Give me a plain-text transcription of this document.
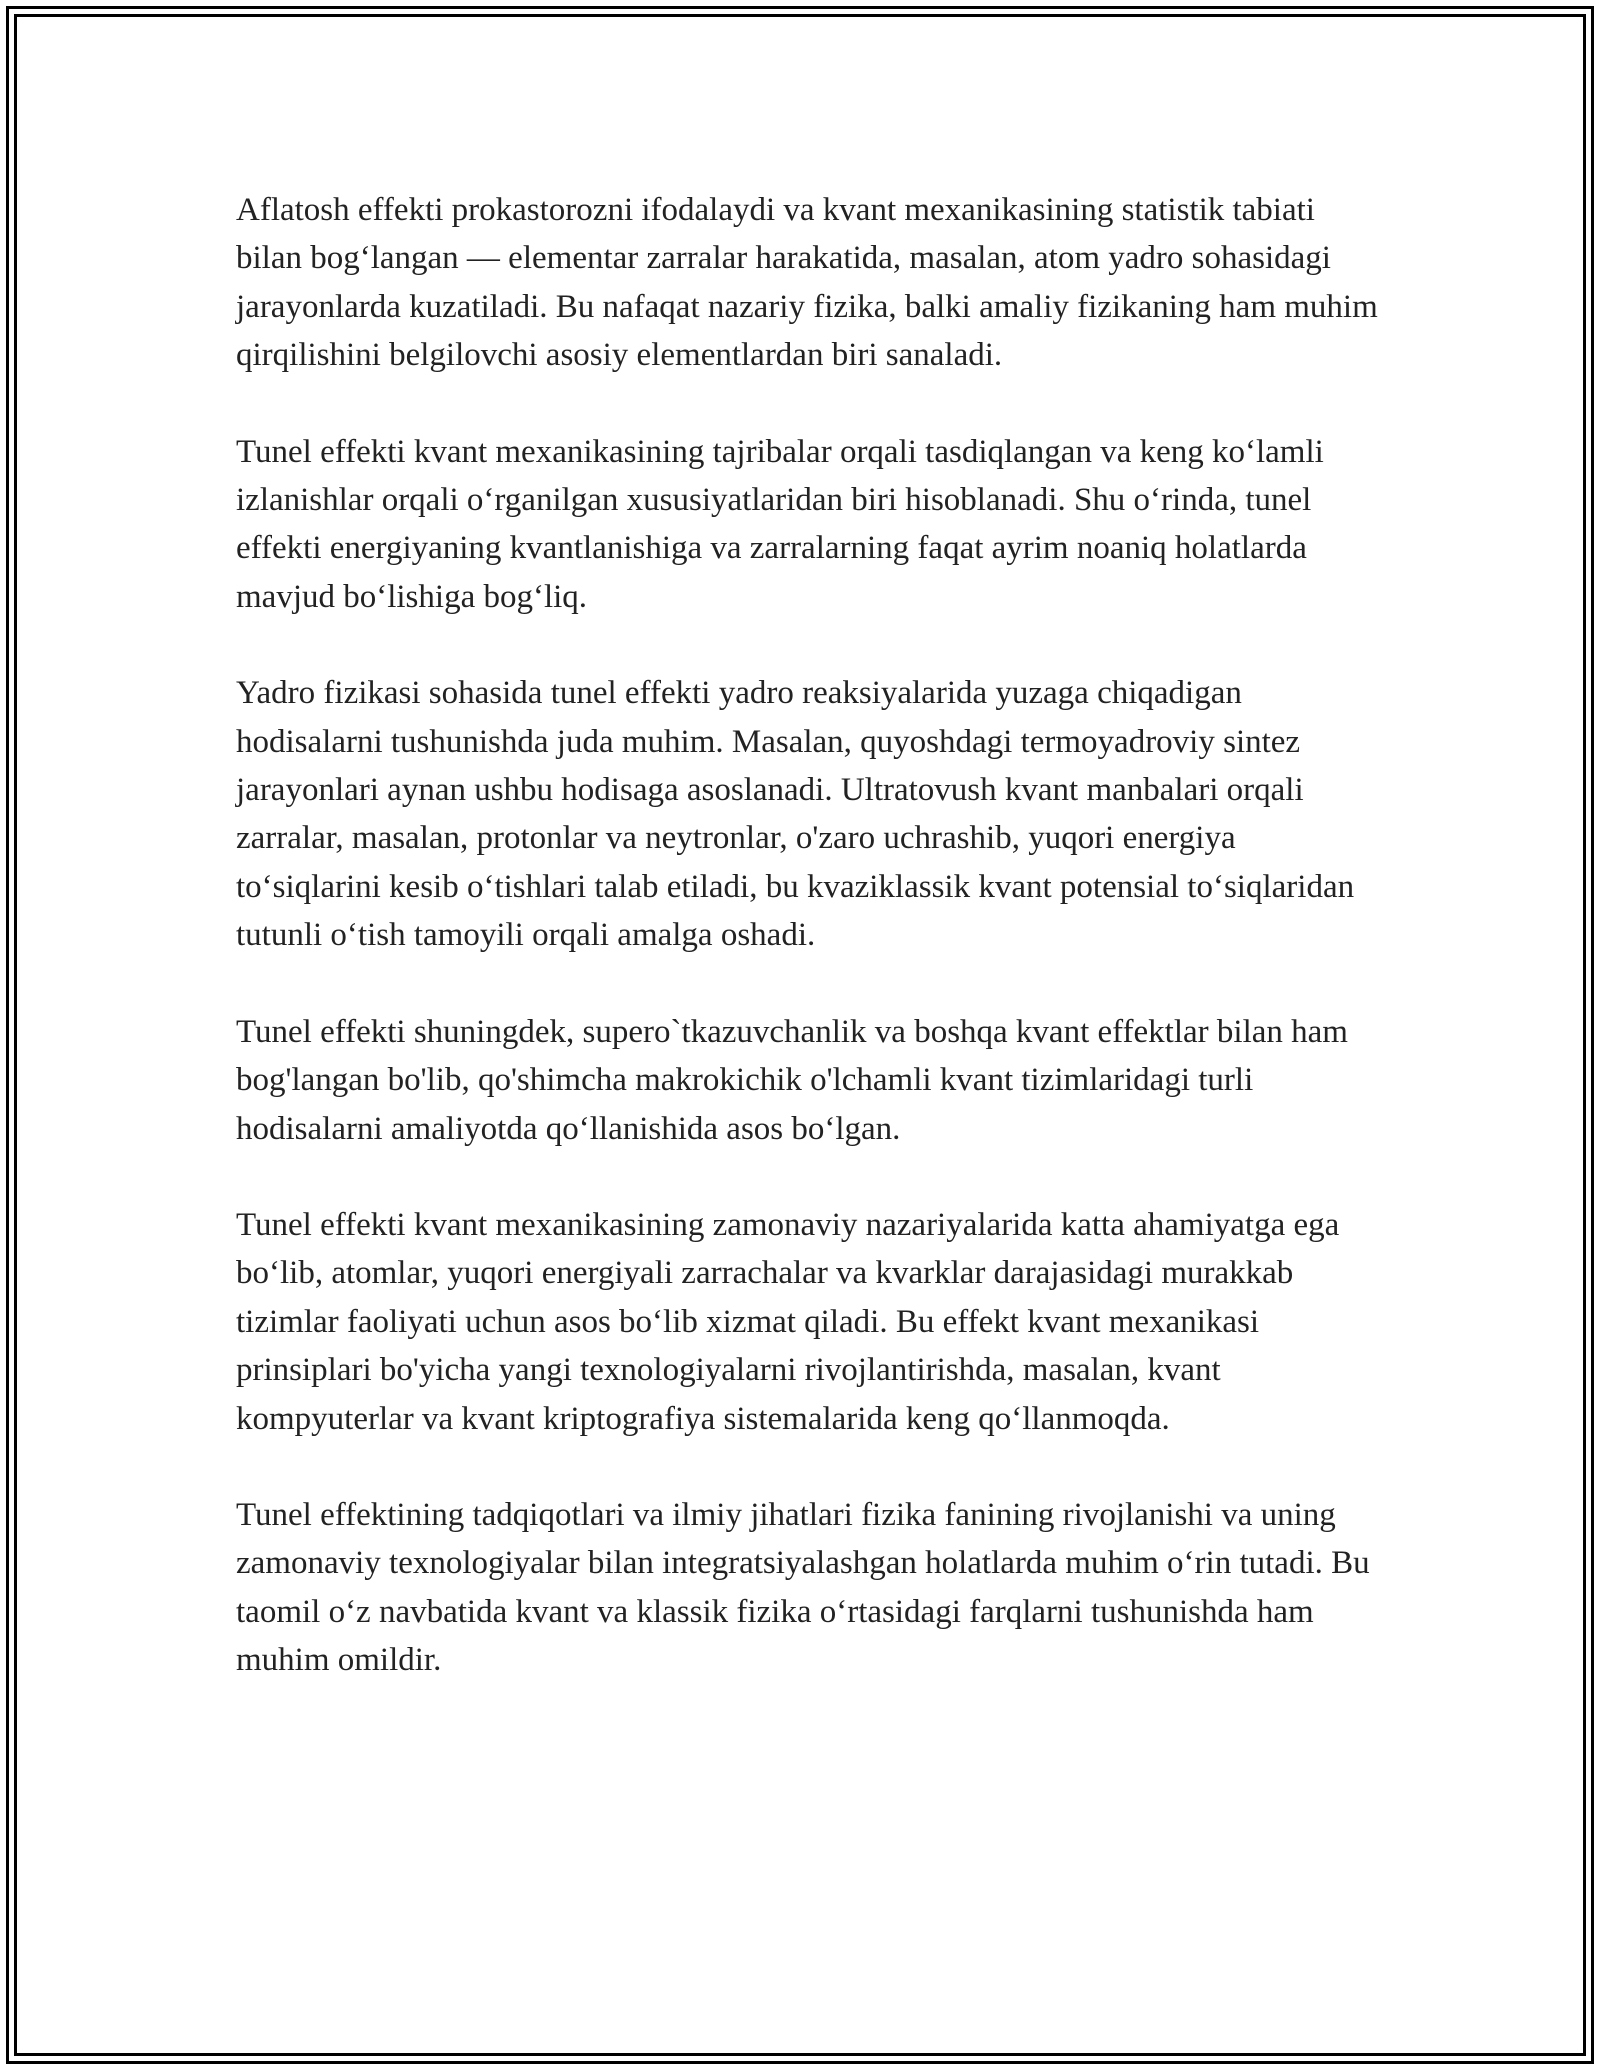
Aflatosh effekti prokastorozni ifodalaydi va kvant mexanikasining statistik tabiati bilan bog‘langan — elementar zarralar harakatida, masalan, atom yadro sohasidagi jarayonlarda kuzatiladi. Bu nafaqat nazariy fizika, balki amaliy fizikaning ham muhim qirqilishini belgilovchi asosiy elementlardan biri sanaladi.

Tunel effekti kvant mexanikasining tajribalar orqali tasdiqlangan va keng ko‘lamli izlanishlar orqali o‘rganilgan xususiyatlaridan biri hisoblanadi. Shu o‘rinda, tunel effekti energiyaning kvantlanishiga va zarralarning faqat ayrim noaniq holatlarda mavjud bo‘lishiga bog‘liq.

Yadro fizikasi sohasida tunel effekti yadro reaksiyalarida yuzaga chiqadigan hodisalarni tushunishda juda muhim. Masalan, quyoshdagi termoyadroviy sintez jarayonlari aynan ushbu hodisaga asoslanadi. Ultratovush kvant manbalari orqali zarralar, masalan, protonlar va neytronlar, o'zaro uchrashib, yuqori energiya to‘siqlarini kesib o‘tishlari talab etiladi, bu kvaziklassik kvant potensial to‘siqlaridan tutunli o‘tish tamoyili orqali amalga oshadi.

Tunel effekti shuningdek, supero`tkazuvchanlik va boshqa kvant effektlar bilan ham bog'langan bo'lib, qo'shimcha makrokichik o'lchamli kvant tizimlaridagi turli hodisalarni amaliyotda qo‘llanishida asos bo‘lgan.

Tunel effekti kvant mexanikasining zamonaviy nazariyalarida katta ahamiyatga ega bo‘lib, atomlar, yuqori energiyali zarrachalar va kvarklar darajasidagi murakkab tizimlar faoliyati uchun asos bo‘lib xizmat qiladi. Bu effekt kvant mexanikasi prinsiplari bo'yicha yangi texnologiyalarni rivojlantirishda, masalan, kvant kompyuterlar va kvant kriptografiya sistemalarida keng qo‘llanmoqda.

Tunel effektining tadqiqotlari va ilmiy jihatlari fizika fanining rivojlanishi va uning zamonaviy texnologiyalar bilan integratsiyalashgan holatlarda muhim o‘rin tutadi. Bu taomil o‘z navbatida kvant va klassik fizika o‘rtasidagi farqlarni tushunishda ham muhim omildir.
